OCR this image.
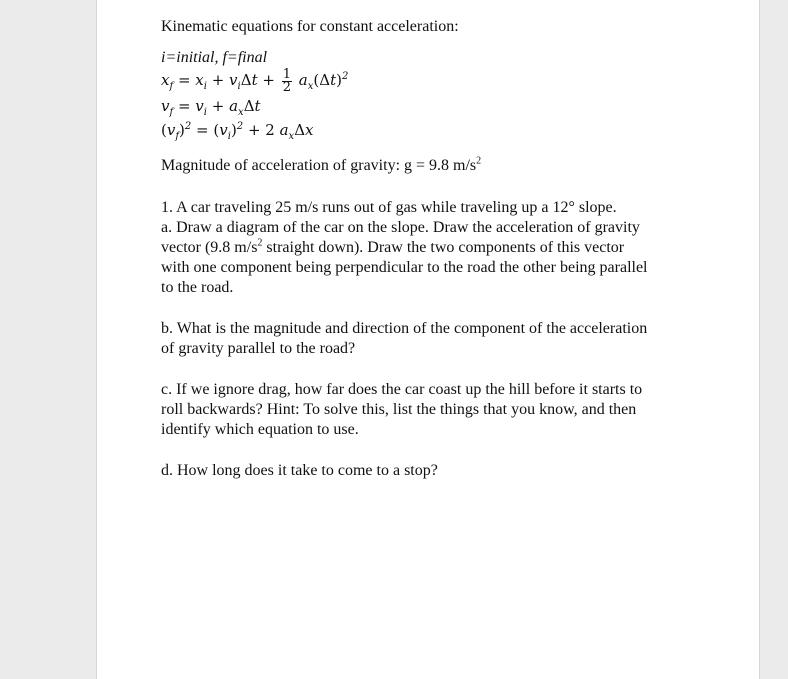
Kinematic equations for constant acceleration:

i=initial, f=final

$x_f = x_i + v_i\Delta t + \frac{1}{2} a_x(\Delta t)^2$
$v_f = v_i + a_x\Delta t$
$(v_f)^2 = (v_i)^2 + 2$ $a_x\Delta x$

Magnitude of acceleration of gravity: g = 9.8 $m/s^2$

1. A car traveling 25 m/s runs out of gas while traveling up a 12° slope.

a. Draw a diagram of the car on the slope. Draw the acceleration of gravity

vector (9.8 $m/s^2$ straight down). Draw the two components of this vector

with one component being perpendicular to the road the other being parallel

to the road.

b. What is the magnitude and direction of the component of the acceleration

of gravity parallel to the road?

c. If we ignore drag, how far does the car coast up the hill before it starts to

roll backwards? Hint: To solve this, list the things that you know, and then

identify which equation to use.

d. How long does it take to come to a stop?
